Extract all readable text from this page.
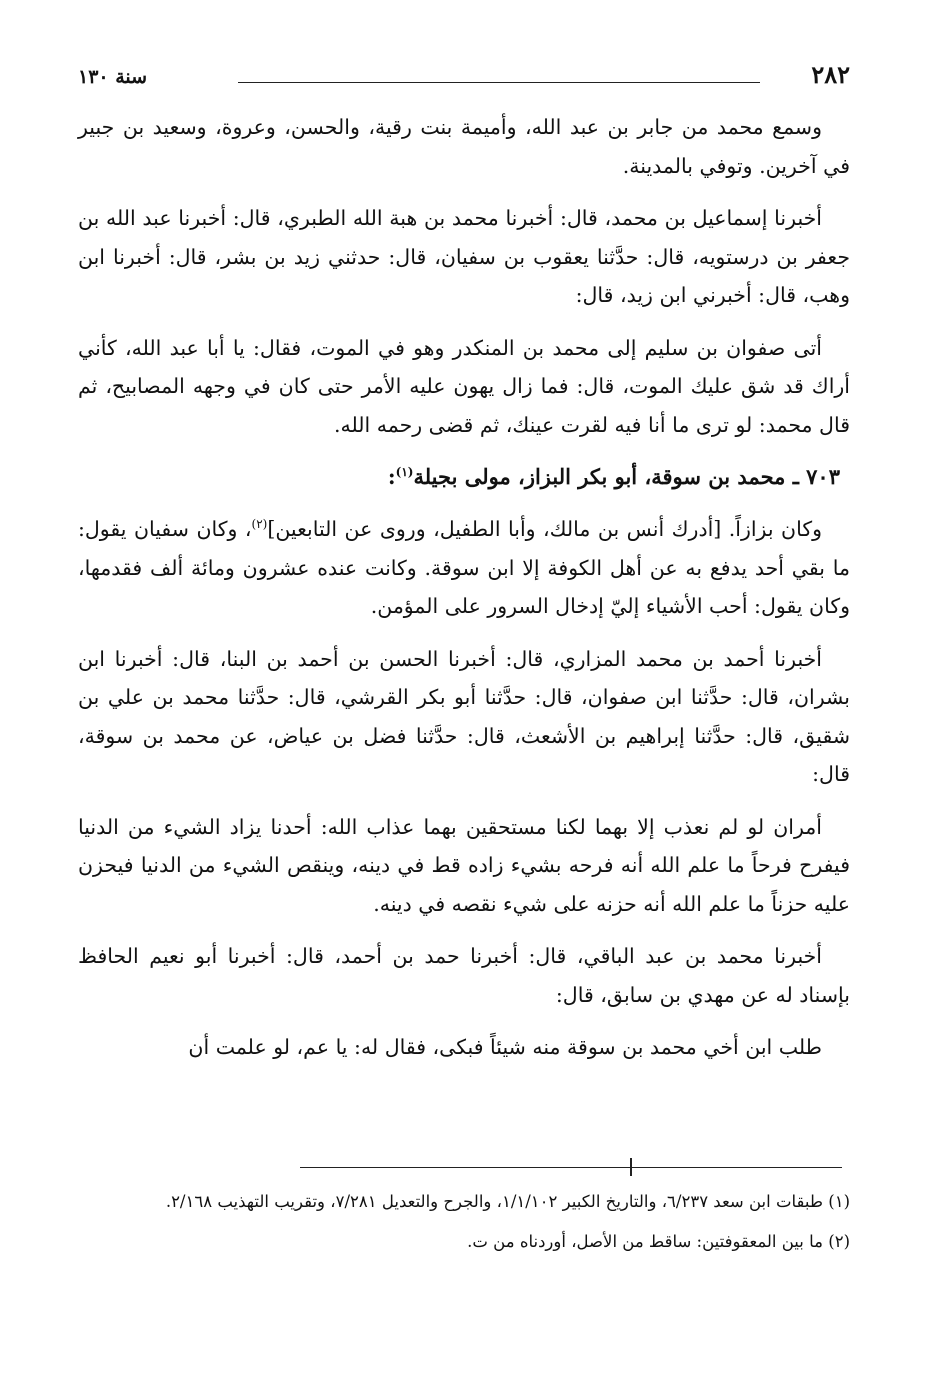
٢٨٢
سنة ١٣٠

وسمع محمد من جابر بن عبد الله، وأميمة بنت رقية، والحسن، وعروة، وسعيد بن جبير في آخرين. وتوفي بالمدينة.

أخبرنا إسماعيل بن محمد، قال: أخبرنا محمد بن هبة الله الطبري، قال: أخبرنا عبد الله بن جعفر بن درستويه، قال: حدَّثنا يعقوب بن سفيان، قال: حدثني زيد بن بشر، قال: أخبرنا ابن وهب، قال: أخبرني ابن زيد، قال:

أتى صفوان بن سليم إلى محمد بن المنكدر وهو في الموت، فقال: يا أبا عبد الله، كأني أراك قد شق عليك الموت، قال: فما زال يهون عليه الأمر حتى كان في وجهه المصابيح، ثم قال محمد: لو ترى ما أنا فيه لقرت عينك، ثم قضى رحمه الله.

٧٠٣ ـ محمد بن سوقة، أبو بكر البزاز، مولى بجيلة$^{(١)}$:

وكان بزازاً. [أدرك أنس بن مالك، وأبا الطفيل، وروى عن التابعين]$^{(٢)}$، وكان سفيان يقول: ما بقي أحد يدفع به عن أهل الكوفة إلا ابن سوقة. وكانت عنده عشرون ومائة ألف فقدمها، وكان يقول: أحب الأشياء إليّ إدخال السرور على المؤمن.

أخبرنا أحمد بن محمد المزاري، قال: أخبرنا الحسن بن أحمد بن البنا، قال: أخبرنا ابن بشران، قال: حدَّثنا ابن صفوان، قال: حدَّثنا أبو بكر القرشي، قال: حدَّثنا محمد بن علي بن شقيق، قال: حدَّثنا إبراهيم بن الأشعث، قال: حدَّثنا فضل بن عياض، عن محمد بن سوقة، قال:

أمران لو لم نعذب إلا بهما لكنا مستحقين بهما عذاب الله: أحدنا يزاد الشيء من الدنيا فيفرح فرحاً ما علم الله أنه فرحه بشيء زاده قط في دينه، وينقص الشيء من الدنيا فيحزن عليه حزناً ما علم الله أنه حزنه على شيء نقصه في دينه.

أخبرنا محمد بن عبد الباقي، قال: أخبرنا حمد بن أحمد، قال: أخبرنا أبو نعيم الحافظ بإسناد له عن مهدي بن سابق، قال:

طلب ابن أخي محمد بن سوقة منه شيئاً فبكى، فقال له: يا عم، لو علمت أن

(١) طبقات ابن سعد ٦/٢٣٧، والتاريخ الكبير ١/١/١٠٢، والجرح والتعديل ٧/٢٨١، وتقريب التهذيب ٢/١٦٨.

(٢) ما بين المعقوفتين: ساقط من الأصل، أوردناه من ت.
